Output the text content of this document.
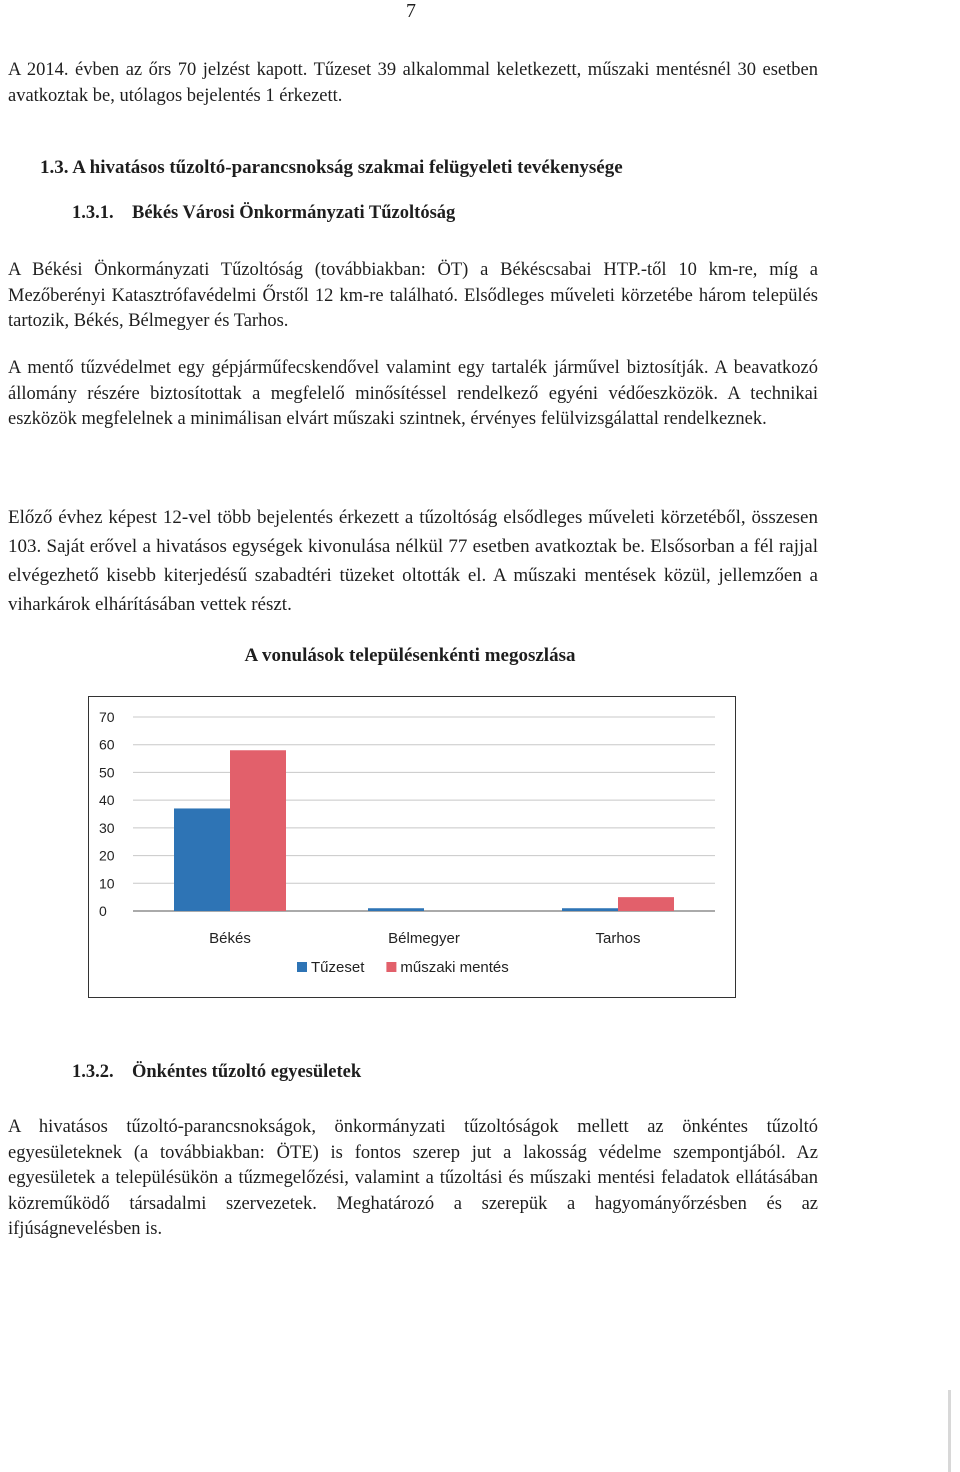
7

A 2014. évben az őrs 70 jelzést kapott. Tűzeset 39 alkalommal keletkezett, műszaki mentésnél 30 esetben avatkoztak be, utólagos bejelentés 1 érkezett.

1.3. A hivatásos tűzoltó-parancsnokság szakmai felügyeleti tevékenysége
1.3.1. Békés Városi Önkormányzati Tűzoltóság

A Békési Önkormányzati Tűzoltóság (továbbiakban: ÖT) a Békéscsabai HTP.-től 10 km-re, míg a Mezőberényi Katasztrófavédelmi Őrstől 12 km-re található. Elsődleges műveleti körzetébe három település tartozik, Békés, Bélmegyer és Tarhos.

A mentő tűzvédelmet egy gépjárműfecskendővel valamint egy tartalék járművel biztosítják. A beavatkozó állomány részére biztosítottak a megfelelő minősítéssel rendelkező egyéni védőeszközök. A technikai eszközök megfelelnek a minimálisan elvárt műszaki szintnek, érvényes felülvizsgálattal rendelkeznek.

Előző évhez képest 12-vel több bejelentés érkezett a tűzoltóság elsődleges műveleti körzetéből, összesen 103. Saját erővel a hivatásos egységek kivonulása nélkül 77 esetben avatkoztak be. Elsősorban a fél rajjal elvégezhető kisebb kiterjedésű szabadtéri tüzeket oltották el. A műszaki mentések közül, jellemzően a viharkárok elhárításában vettek részt.

A vonulások településenkénti megoszlása
0
10
20
30
40
50
60
70
Békés	Bélmegyer	Tarhos
Tűzeset műszaki mentés
1.3.2. Önkéntes tűzoltó egyesületek

A hivatásos tűzoltó-parancsnokságok, önkormányzati tűzoltóságok mellett az önkéntes tűzoltó egyesületeknek (a továbbiakban: ÖTE) is fontos szerep jut a lakosság védelme szempontjából. Az egyesületek a településükön a tűzmegelőzési, valamint a tűzoltási és műszaki mentési feladatok ellátásában közreműködő társadalmi szervezetek. Meghatározó a szerepük a hagyományőrzésben és az ifjúságnevelésben is.
